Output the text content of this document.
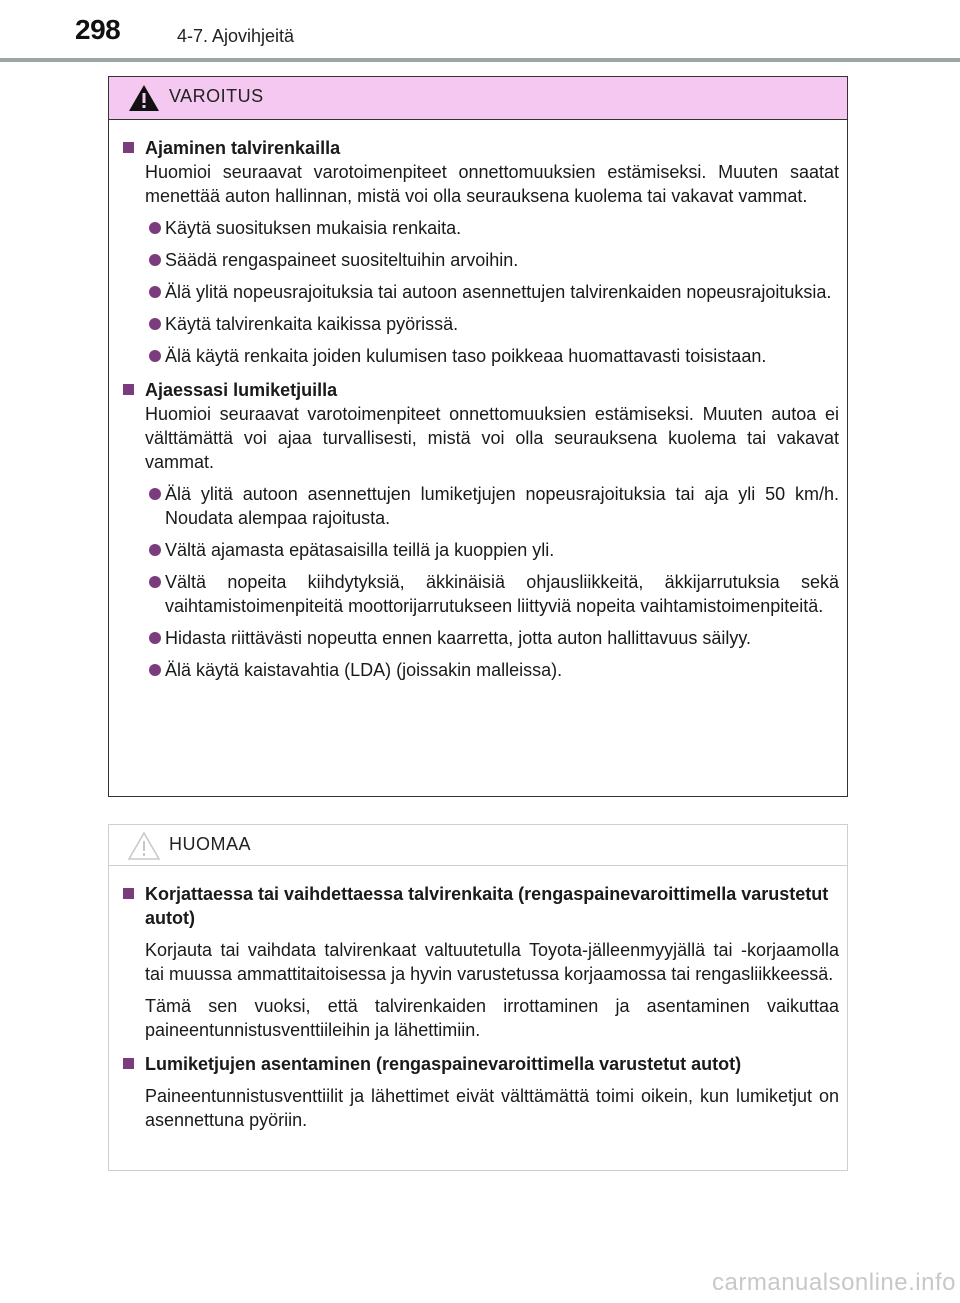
298	4-7. Ajovihjeitä
VAROITUS
Ajaminen talvirenkailla
Huomioi seuraavat varotoimenpiteet onnettomuuksien estämiseksi. Muuten saatat menettää auton hallinnan, mistä voi olla seurauksena kuolema tai vakavat vammat.
Käytä suosituksen mukaisia renkaita.
Säädä rengaspaineet suositeltuihin arvoihin.
Älä ylitä nopeusrajoituksia tai autoon asennettujen talvirenkaiden nopeusrajoituksia.
Käytä talvirenkaita kaikissa pyörissä.
Älä käytä renkaita joiden kulumisen taso poikkeaa huomattavasti toisistaan.
Ajaessasi lumiketjuilla
Huomioi seuraavat varotoimenpiteet onnettomuuksien estämiseksi. Muuten autoa ei välttämättä voi ajaa turvallisesti, mistä voi olla seurauksena kuolema tai vakavat vammat.
Älä ylitä autoon asennettujen lumiketjujen nopeusrajoituksia tai aja yli 50 km/h. Noudata alempaa rajoitusta.
Vältä ajamasta epätasaisilla teillä ja kuoppien yli.
Vältä nopeita kiihdytyksiä, äkkinäisiä ohjausliikkeitä, äkkijarrutuksia sekä vaihtamistoimenpiteitä moottorijarrutukseen liittyviä nopeita vaihtamistoimenpiteitä.
Hidasta riittävästi nopeutta ennen kaarretta, jotta auton hallittavuus säilyy.
Älä käytä kaistavahtia (LDA) (joissakin malleissa).
HUOMAA
Korjattaessa tai vaihdettaessa talvirenkaita (rengaspainevaroittimella varustetut autot)
Korjauta tai vaihdata talvirenkaat valtuutetulla Toyota-jälleenmyyjällä tai -korjaamolla tai muussa ammattitaitoisessa ja hyvin varustetussa korjaamossa tai rengasliikkeessä.
Tämä sen vuoksi, että talvirenkaiden irrottaminen ja asentaminen vaikuttaa paineentunnistusventtiileihin ja lähettimiin.
Lumiketjujen asentaminen (rengaspainevaroittimella varustetut autot)
Paineentunnistusventtiilit ja lähettimet eivät välttämättä toimi oikein, kun lumiketjut on asennettuna pyöriin.
carmanualsonline.info
